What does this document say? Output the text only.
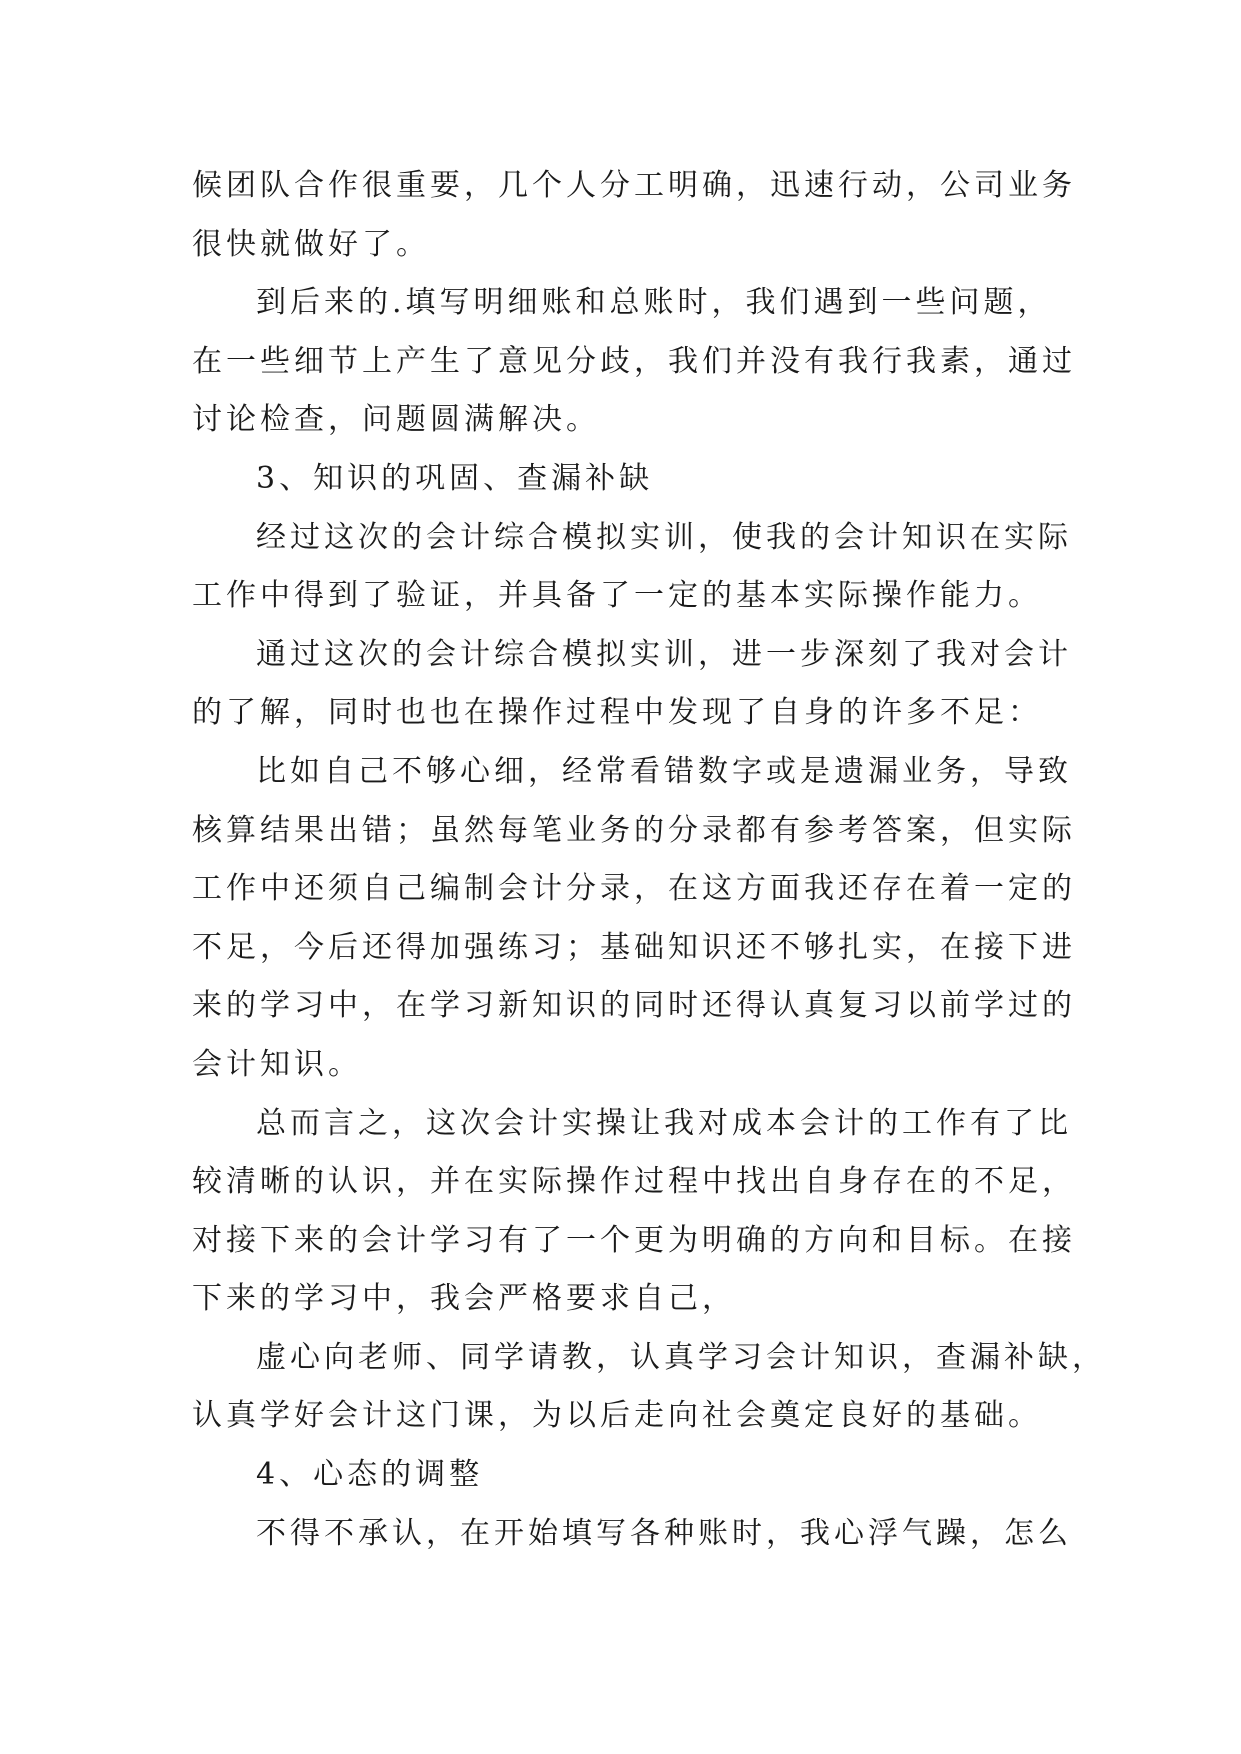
候团队合作很重要，几个人分工明确，迅速行动，公司业务
很快就做好了。
到后来的.填写明细账和总账时，我们遇到一些问题，
在一些细节上产生了意见分歧，我们并没有我行我素，通过
讨论检查，问题圆满解决。
3、知识的巩固、查漏补缺
经过这次的会计综合模拟实训，使我的会计知识在实际
工作中得到了验证，并具备了一定的基本实际操作能力。
通过这次的会计综合模拟实训，进一步深刻了我对会计
的了解，同时也也在操作过程中发现了自身的许多不足：
比如自己不够心细，经常看错数字或是遗漏业务，导致
核算结果出错；虽然每笔业务的分录都有参考答案，但实际
工作中还须自己编制会计分录，在这方面我还存在着一定的
不足，今后还得加强练习；基础知识还不够扎实，在接下进
来的学习中，在学习新知识的同时还得认真复习以前学过的
会计知识。
总而言之，这次会计实操让我对成本会计的工作有了比
较清晰的认识，并在实际操作过程中找出自身存在的不足，
对接下来的会计学习有了一个更为明确的方向和目标。在接
下来的学习中，我会严格要求自己，
虚心向老师、同学请教，认真学习会计知识，查漏补缺，
认真学好会计这门课，为以后走向社会奠定良好的基础。
4、心态的调整
不得不承认，在开始填写各种账时，我心浮气躁，怎么
